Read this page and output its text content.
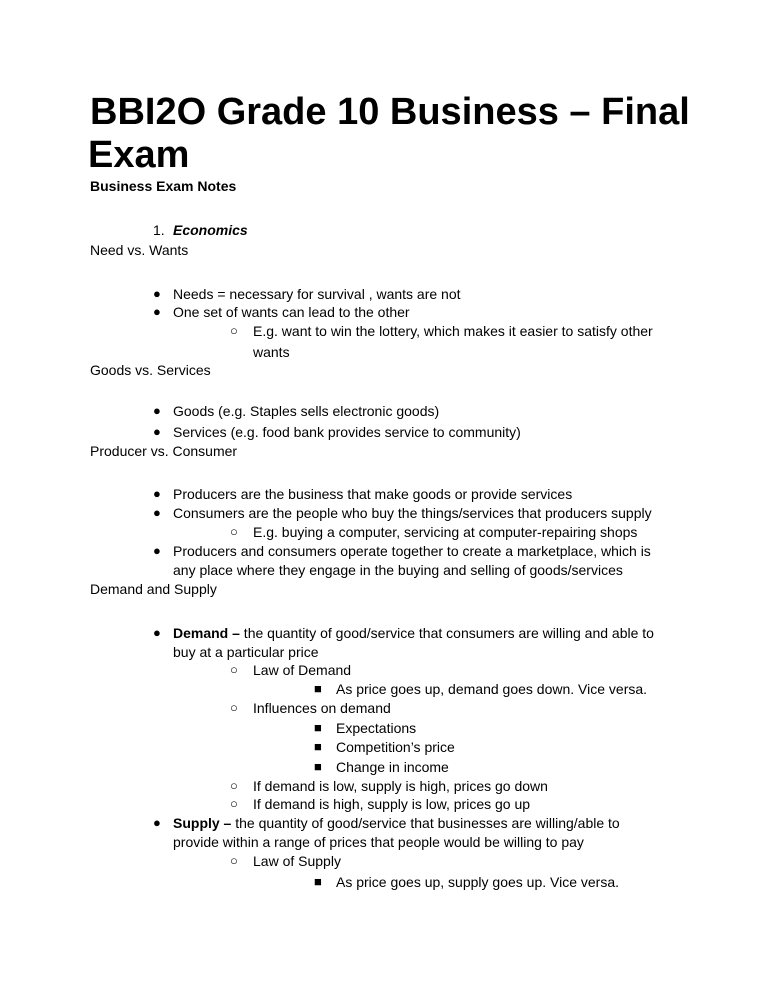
BBI2O Grade 10 Business – Final
Exam
Business Exam Notes
1. Economics
Need vs. Wants
● Needs = necessary for survival , wants are not
● One set of wants can lead to the other
○ E.g. want to win the lottery, which makes it easier to satisfy other
wants
Goods vs. Services
● Goods (e.g. Staples sells electronic goods)
● Services (e.g. food bank provides service to community)
Producer vs. Consumer
● Producers are the business that make goods or provide services
● Consumers are the people who buy the things/services that producers supply
○ E.g. buying a computer, servicing at computer-repairing shops
● Producers and consumers operate together to create a marketplace, which is
any place where they engage in the buying and selling of goods/services
Demand and Supply
● Demand – the quantity of good/service that consumers are willing and able to
buy at a particular price
○ Law of Demand
■ As price goes up, demand goes down. Vice versa.
○ Influences on demand
■ Expectations
■ Competition’s price
■ Change in income
○ If demand is low, supply is high, prices go down
○ If demand is high, supply is low, prices go up
● Supply – the quantity of good/service that businesses are willing/able to
provide within a range of prices that people would be willing to pay
○ Law of Supply
■ As price goes up, supply goes up. Vice versa.
